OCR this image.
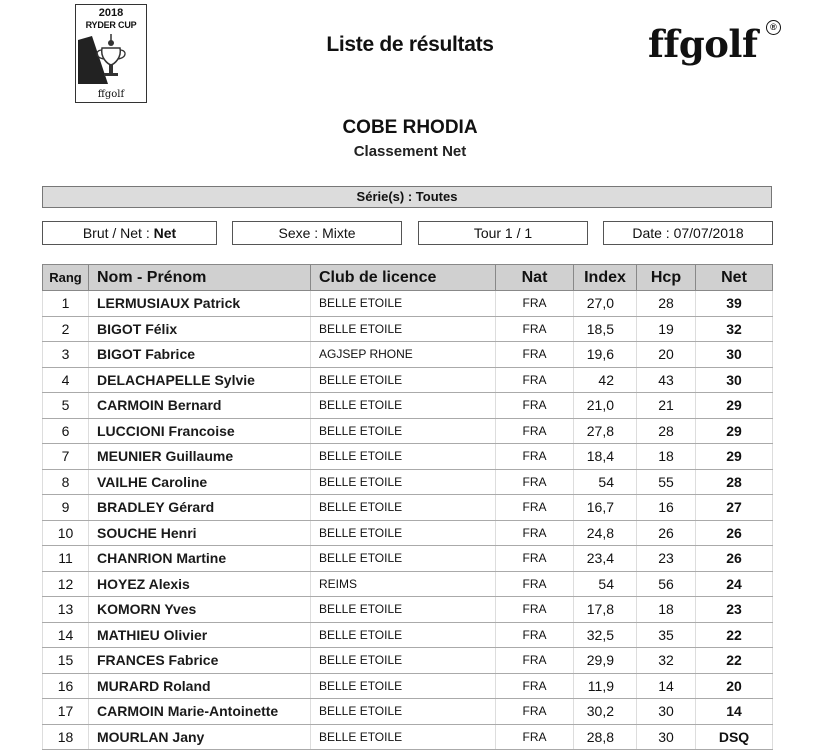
2018
RYDER CUP
ffgolf
Liste de résultats	ffgolf	®
COBE RHODIA
Classement Net
Série(s) : Toutes
Brut / Net : Net	Sexe : Mixte	Tour 1 / 1	Date : 07/07/2018
Rang	Nom - Prénom	Club de licence	Nat	Index	Hcp	Net
1	LERMUSIAUX Patrick	BELLE ETOILE	FRA	27,0	28	39
2	BIGOT Félix	BELLE ETOILE	FRA	18,5	19	32
3	BIGOT Fabrice	AGJSEP RHONE	FRA	19,6	20	30
4	DELACHAPELLE Sylvie	BELLE ETOILE	FRA	42	43	30
5	CARMOIN Bernard	BELLE ETOILE	FRA	21,0	21	29
6	LUCCIONI Francoise	BELLE ETOILE	FRA	27,8	28	29
7	MEUNIER Guillaume	BELLE ETOILE	FRA	18,4	18	29
8	VAILHE Caroline	BELLE ETOILE	FRA	54	55	28
9	BRADLEY Gérard	BELLE ETOILE	FRA	16,7	16	27
10	SOUCHE Henri	BELLE ETOILE	FRA	24,8	26	26
11	CHANRION Martine	BELLE ETOILE	FRA	23,4	23	26
12	HOYEZ Alexis	REIMS	FRA	54	56	24
13	KOMORN Yves	BELLE ETOILE	FRA	17,8	18	23
14	MATHIEU Olivier	BELLE ETOILE	FRA	32,5	35	22
15	FRANCES Fabrice	BELLE ETOILE	FRA	29,9	32	22
16	MURARD Roland	BELLE ETOILE	FRA	11,9	14	20
17	CARMOIN Marie-Antoinette	BELLE ETOILE	FRA	30,2	30	14
18	MOURLAN Jany	BELLE ETOILE	FRA	28,8	30	DSQ
